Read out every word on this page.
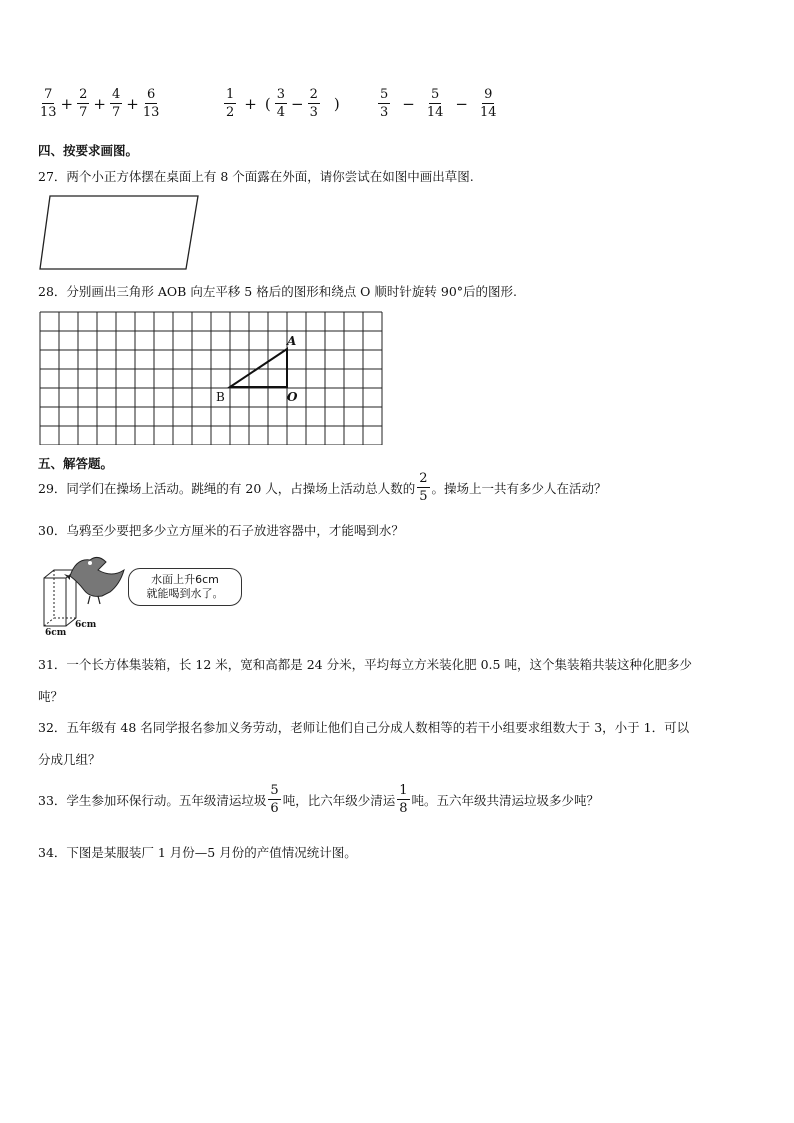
$\frac{7}{13} + \frac{2}{7} + \frac{4}{7} + \frac{6}{13}$	$\frac{1}{2}$ + ( $\frac{3}{4} - \frac{2}{3}$ )	$\frac{5}{3} - \frac{5}{14} - \frac{9}{14}$
四、按要求画图。
27．两个小正方体摆在桌面上有 8 个面露在外面，请你尝试在如图中画出草图.
28．分别画出三角形 AOB 向左平移 5 格后的图形和绕点 O 顺时针旋转 90°后的图形.
A
B	O
五、解答题。
29．同学们在操场上活动。跳绳的有 20 人，占操场上活动总人数的 $\frac{2}{5}$ 。操场上一共有多少人在活动？
30．乌鸦至少要把多少立方厘米的石子放进容器中，才能喝到水？
6cm
6cm
水面上升6cm
就能喝到水了。
31．一个长方体集装箱，长 12 米，宽和高都是 24 分米，平均每立方米装化肥 0.5 吨，这个集装箱共装这种化肥多少
吨？
32．五年级有 48 名同学报名参加义务劳动，老师让他们自己分成人数相等的若干小组要求组数大于 3，小于 1．可以
分成几组？
33．学生参加环保行动。五年级清运垃圾 $\frac{5}{6}$ 吨，比六年级少清运 $\frac{1}{8}$ 吨。五六年级共清运垃圾多少吨？
34．下图是某服装厂 1 月份—5 月份的产值情况统计图。
